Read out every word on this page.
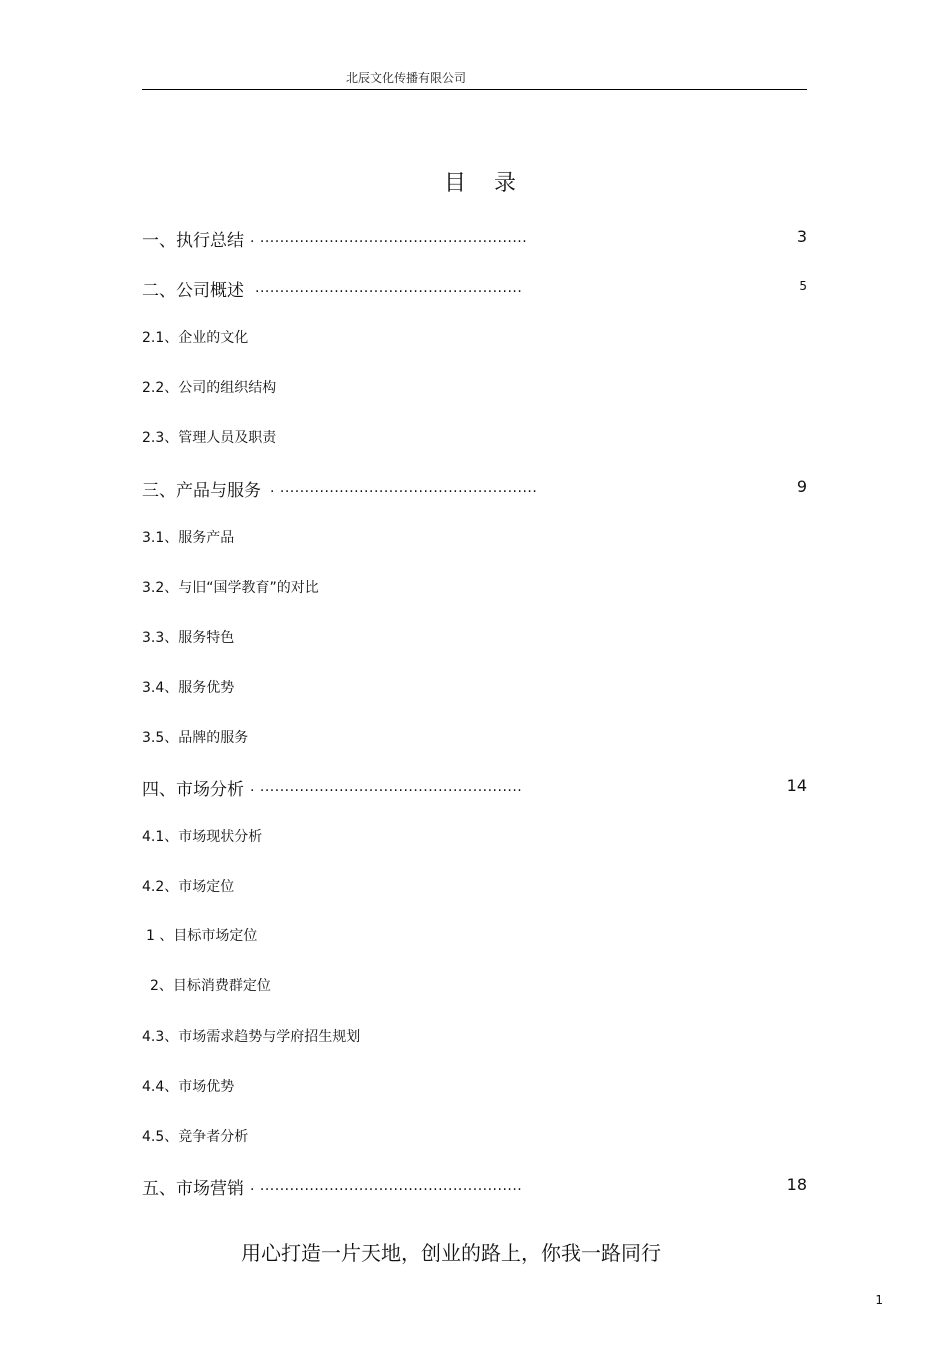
北辰文化传播有限公司
目 录
一、执行总结 . ......................................................	3
二、公司概述 ......................................................	5
2.1、企业的文化
2.2、公司的组织结构
2.3、管理人员及职责
三、产品与服务 . ....................................................	9
3.1、服务产品
3.2、与旧“国学教育”的对比
3.3、服务特色
3.4、服务优势
3.5、品牌的服务
四、市场分析 . .....................................................	14
4.1、市场现状分析
4.2、市场定位
1 、目标市场定位
2、目标消费群定位
4.3、市场需求趋势与学府招生规划
4.4、市场优势
4.5、竞争者分析
五、市场营销 . .....................................................	18
用心打造一片天地，创业的路上，你我一路同行
1
